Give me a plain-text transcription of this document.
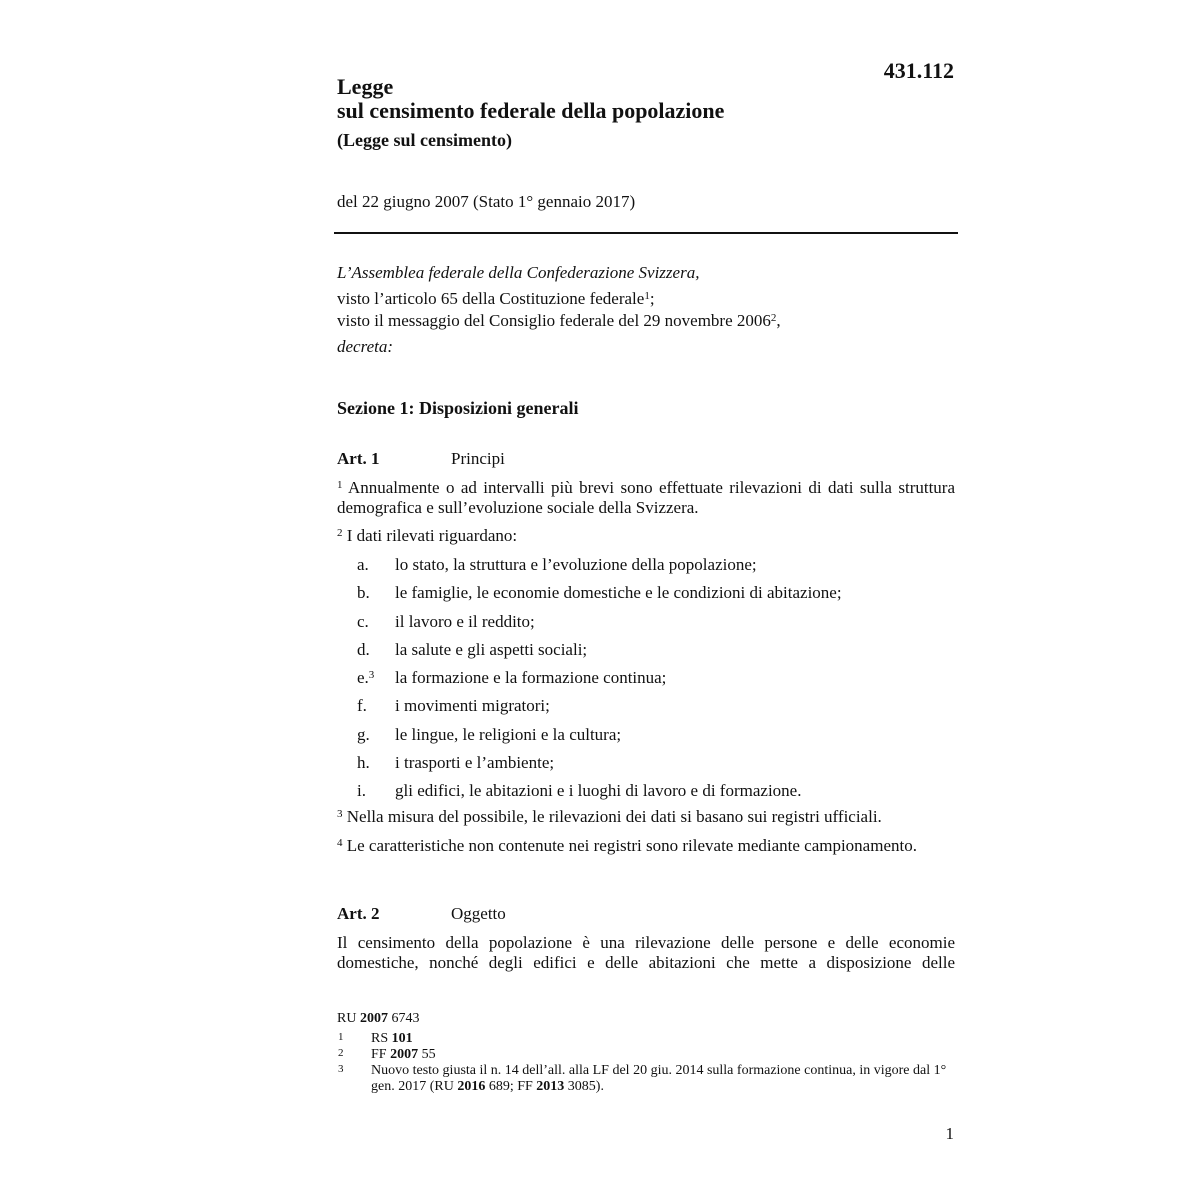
431.112
Legge
sul censimento federale della popolazione
(Legge sul censimento)
del 22 giugno 2007 (Stato 1° gennaio 2017)
L’Assemblea federale della Confederazione Svizzera,
visto l’articolo 65 della Costituzione federale$^1$;
visto il messaggio del Consiglio federale del 29 novembre 2006$^2$,
decreta:
Sezione 1: Disposizioni generali
Art. 1	Principi
$^1$ Annualmente o ad intervalli più brevi sono effettuate rilevazioni di dati sulla struttura demografica e sull’evoluzione sociale della Svizzera.
$^2$ I dati rilevati riguardano:
a. lo stato, la struttura e l’evoluzione della popolazione;
b. le famiglie, le economie domestiche e le condizioni di abitazione;
c. il lavoro e il reddito;
d. la salute e gli aspetti sociali;
e.$^3$ la formazione e la formazione continua;
f. i movimenti migratori;
g. le lingue, le religioni e la cultura;
h. i trasporti e l’ambiente;
i. gli edifici, le abitazioni e i luoghi di lavoro e di formazione.
$^3$ Nella misura del possibile, le rilevazioni dei dati si basano sui registri ufficiali.
$^4$ Le caratteristiche non contenute nei registri sono rilevate mediante campionamento.
Art. 2	Oggetto
Il censimento della popolazione è una rilevazione delle persone e delle economie domestiche, nonché degli edifici e delle abitazioni che mette a disposizione delle
RU 2007 6743
1 RS 101
2 FF 2007 55
3 Nuovo testo giusta il n. 14 dell’all. alla LF del 20 giu. 2014 sulla formazione continua, in vigore dal 1° gen. 2017 (RU 2016 689; FF 2013 3085).
1
